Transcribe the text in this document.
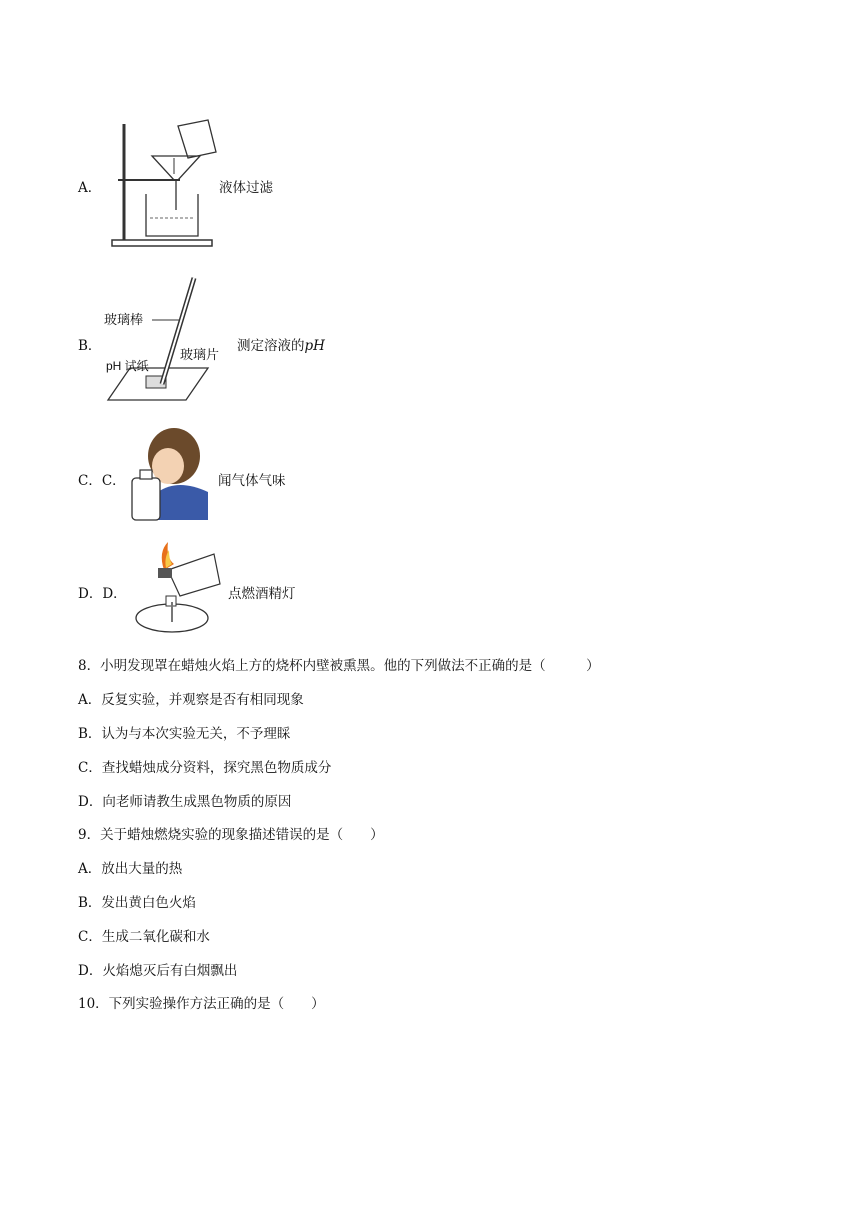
A．	液体过滤
B．
玻璃棒
玻璃片
pH 试纸
测定溶液的pH
C．C．	闻气体气味
D．D．	点燃酒精灯
8．小明发现罩在蜡烛火焰上方的烧杯内壁被熏黑。他的下列做法不正确的是（　　　）
A．反复实验，并观察是否有相同现象
B．认为与本次实验无关，不予理睬
C．查找蜡烛成分资料，探究黑色物质成分
D．向老师请教生成黑色物质的原因
9．关于蜡烛燃烧实验的现象描述错误的是（　　）
A．放出大量的热
B．发出黄白色火焰
C．生成二氧化碳和水
D．火焰熄灭后有白烟飘出
10．下列实验操作方法正确的是（　　）
